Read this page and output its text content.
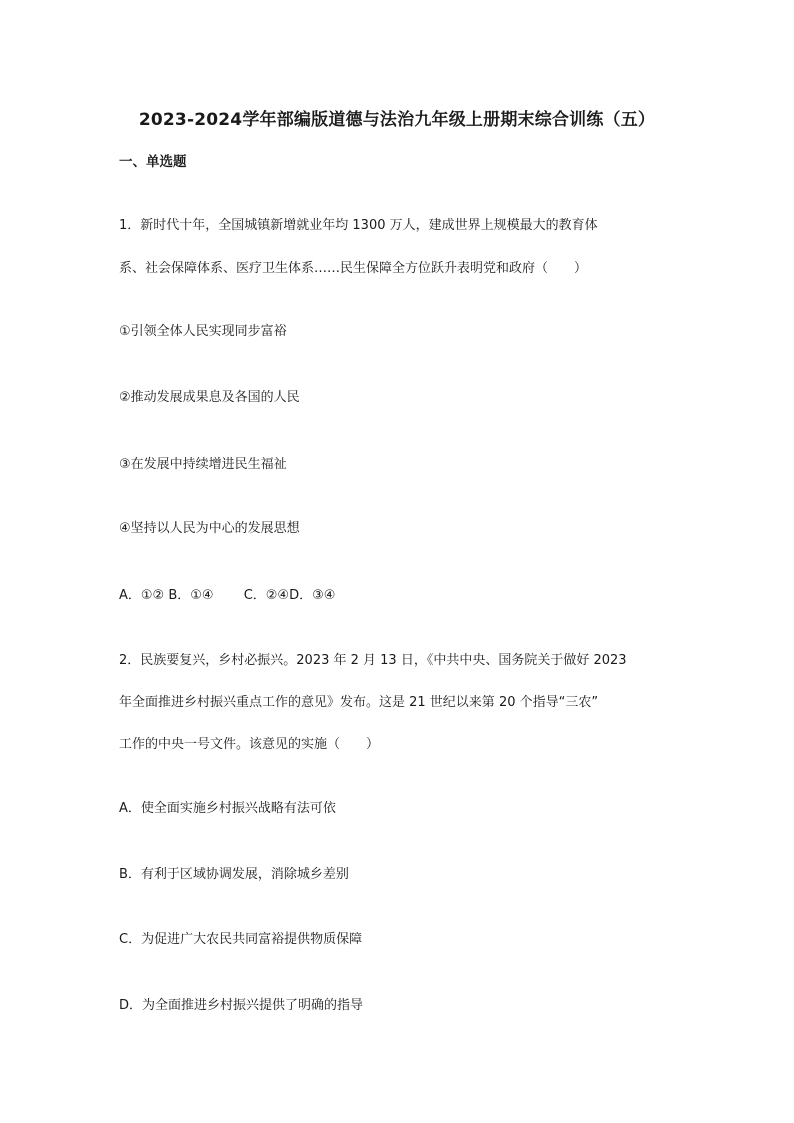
2023-2024学年部编版道德与法治九年级上册期末综合训练（五）
一、单选题
1．新时代十年，全国城镇新增就业年均 1300 万人，建成世界上规模最大的教育体
系、社会保障体系、医疗卫生体系……民生保障全方位跃升表明党和政府（　　）
①引领全体人民实现同步富裕
②推动发展成果息及各国的人民
③在发展中持续增进民生福祉
④坚持以人民为中心的发展思想
A．①② B．①④ C．②④D．③④
2．民族要复兴，乡村必振兴。2023 年 2 月 13 日，《中共中央、国务院关于做好 2023
年全面推进乡村振兴重点工作的意见》发布。这是 21 世纪以来第 20 个指导“三农”
工作的中央一号文件。该意见的实施（　　）
A．使全面实施乡村振兴战略有法可依
B．有利于区域协调发展，消除城乡差别
C．为促进广大农民共同富裕提供物质保障
D．为全面推进乡村振兴提供了明确的指导
